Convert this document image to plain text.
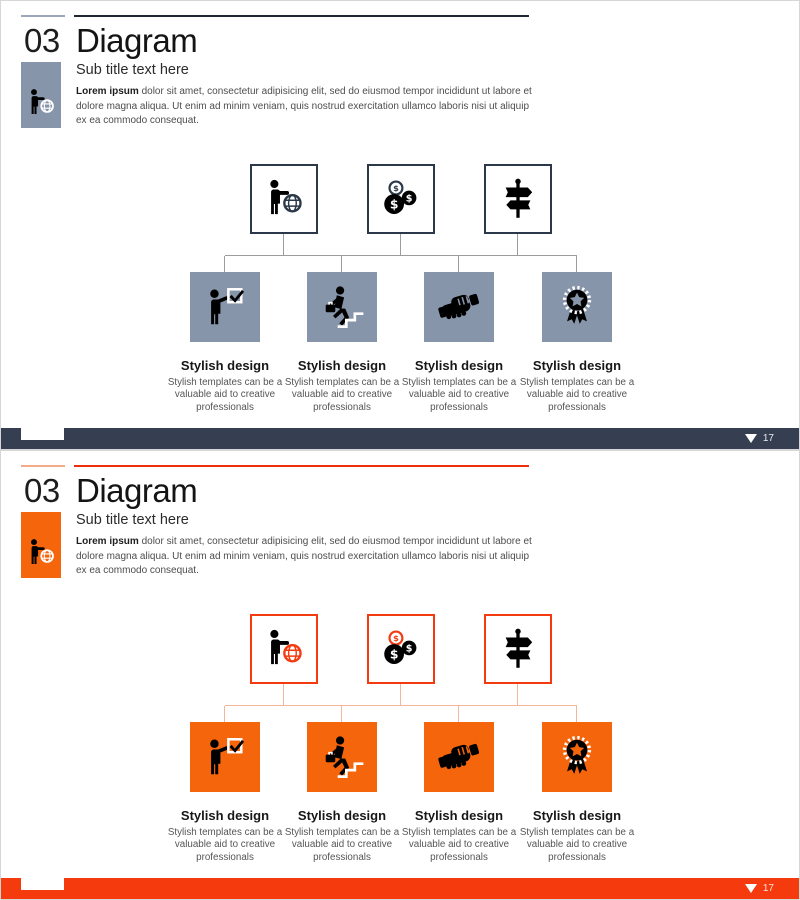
03 Diagram
Sub title text here

Lorem ipsum dolor sit amet, consectetur adipisicing elit, sed do eiusmod tempor incididunt ut labore et dolore magna aliqua. Ut enim ad minim veniam, quis nostrud exercitation ullamco laboris nisi ut aliquip ex ea commodo consequat.

Stylish design	Stylish design	Stylish design	Stylish design
Stylish templates can be a valuable aid to creative professionals
Stylish templates can be a valuable aid to creative professionals
Stylish templates can be a valuable aid to creative professionals
Stylish templates can be a valuable aid to creative professionals
17
03 Diagram
Sub title text here

Lorem ipsum dolor sit amet, consectetur adipisicing elit, sed do eiusmod tempor incididunt ut labore et dolore magna aliqua. Ut enim ad minim veniam, quis nostrud exercitation ullamco laboris nisi ut aliquip ex ea commodo consequat.

Stylish design	Stylish design	Stylish design	Stylish design
Stylish templates can be a valuable aid to creative professionals
Stylish templates can be a valuable aid to creative professionals
Stylish templates can be a valuable aid to creative professionals
Stylish templates can be a valuable aid to creative professionals
17
